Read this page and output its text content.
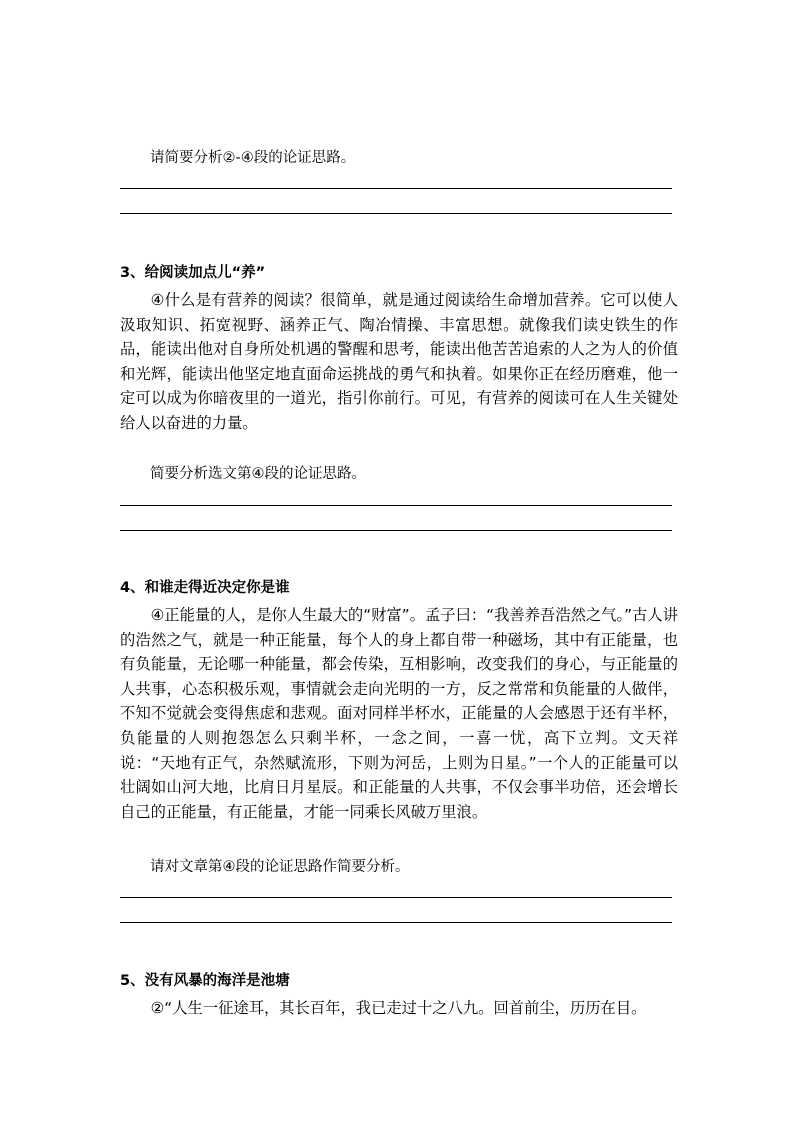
请简要分析②-④段的论证思路。
3、给阅读加点儿“养”

④什么是有营养的阅读？很简单，就是通过阅读给生命增加营养。它可以使人汲取知识、拓宽视野、涵养正气、陶冶情操、丰富思想。就像我们读史铁生的作品，能读出他对自身所处机遇的警醒和思考，能读出他苦苦追索的人之为人的价值和光辉，能读出他坚定地直面命运挑战的勇气和执着。如果你正在经历磨难，他一定可以成为你暗夜里的一道光，指引你前行。可见，有营养的阅读可在人生关键处给人以奋进的力量。

简要分析选文第④段的论证思路。
4、和谁走得近决定你是谁

④正能量的人，是你人生最大的“财富”。孟子曰：“我善养吾浩然之气。”古人讲的浩然之气，就是一种正能量，每个人的身上都自带一种磁场，其中有正能量，也有负能量，无论哪一种能量，都会传染，互相影响，改变我们的身心，与正能量的人共事，心态积极乐观，事情就会走向光明的一方，反之常常和负能量的人做伴，不知不觉就会变得焦虑和悲观。面对同样半杯水，正能量的人会感恩于还有半杯，负能量的人则抱怨怎么只剩半杯，一念之间，一喜一忧，高下立判。文天祥说：“天地有正气，杂然赋流形，下则为河岳，上则为日星。”一个人的正能量可以壮阔如山河大地，比肩日月星辰。和正能量的人共事，不仅会事半功倍，还会增长自己的正能量，有正能量，才能一同乘长风破万里浪。

请对文章第④段的论证思路作简要分析。
5、没有风暴的海洋是池塘

②“人生一征途耳，其长百年，我已走过十之八九。回首前尘，历历在目。
